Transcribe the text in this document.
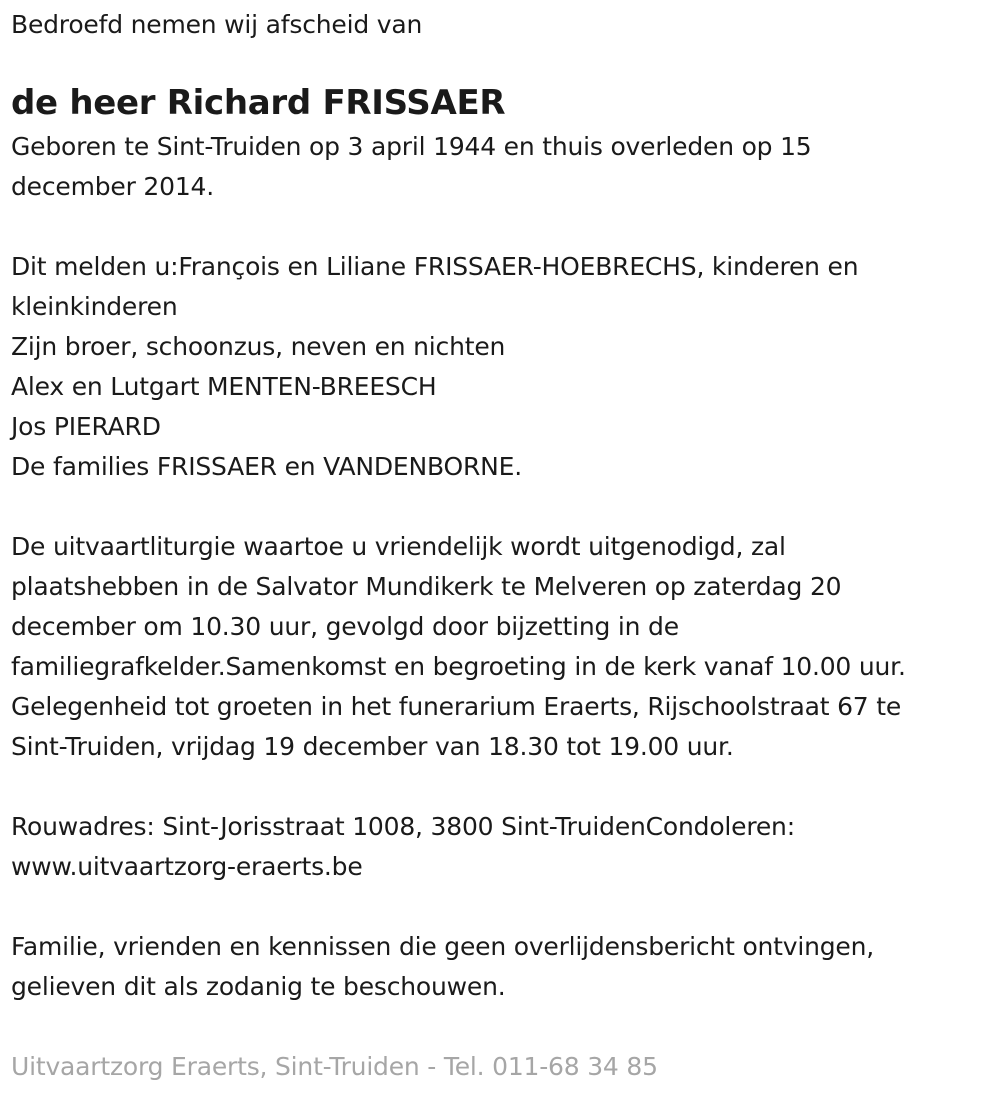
Bedroefd nemen wij afscheid van

de heer Richard FRISSAER

Geboren te Sint-Truiden op 3 april 1944 en thuis overleden op 15

december 2014.

Dit melden u:François en Liliane FRISSAER-HOEBRECHS, kinderen en

kleinkinderen

Zijn broer, schoonzus, neven en nichten

Alex en Lutgart MENTEN-BREESCH

Jos PIERARD

De families FRISSAER en VANDENBORNE.

De uitvaartliturgie waartoe u vriendelijk wordt uitgenodigd, zal

plaatshebben in de Salvator Mundikerk te Melveren op zaterdag 20

december om 10.30 uur, gevolgd door bijzetting in de

familiegrafkelder.Samenkomst en begroeting in de kerk vanaf 10.00 uur.

Gelegenheid tot groeten in het funerarium Eraerts, Rijschoolstraat 67 te

Sint-Truiden, vrijdag 19 december van 18.30 tot 19.00 uur.

Rouwadres: Sint-Jorisstraat 1008, 3800 Sint-TruidenCondoleren:

www.uitvaartzorg-eraerts.be

Familie, vrienden en kennissen die geen overlijdensbericht ontvingen,

gelieven dit als zodanig te beschouwen.

Uitvaartzorg Eraerts, Sint-Truiden - Tel. 011-68 34 85
